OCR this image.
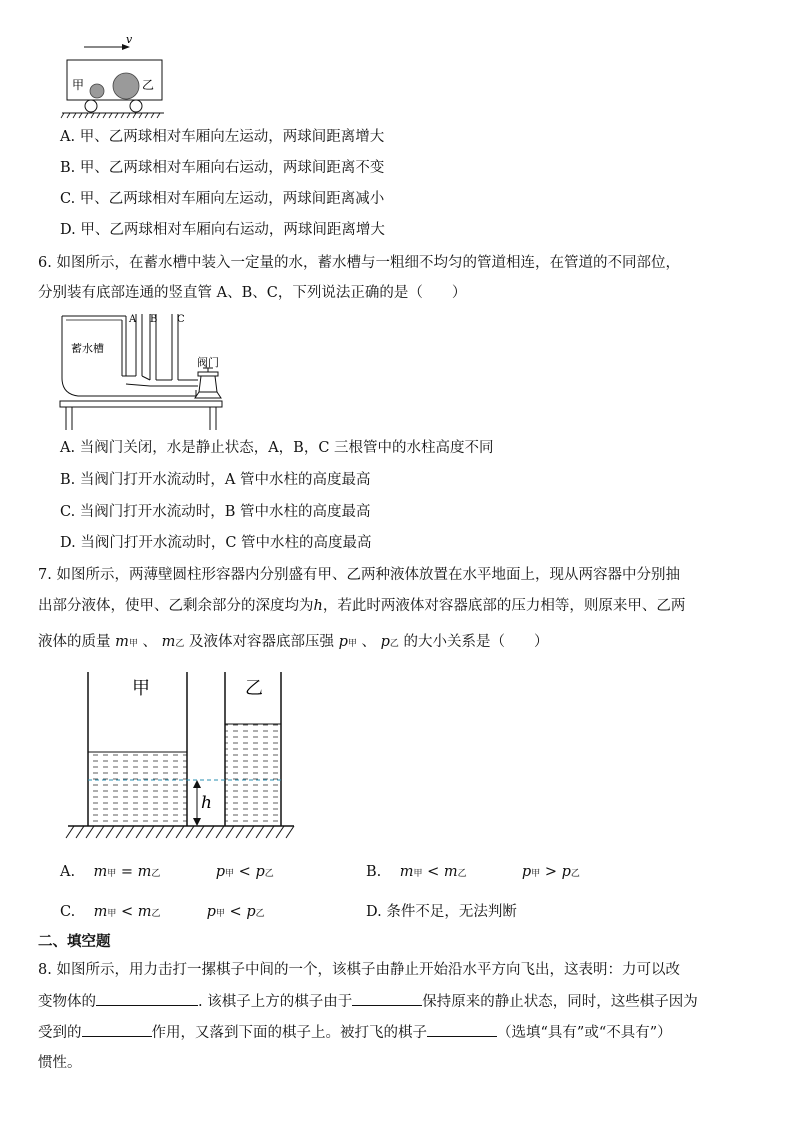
v
甲	乙
A. 甲、乙两球相对车厢向左运动，两球间距离增大
B. 甲、乙两球相对车厢向右运动，两球间距离不变
C. 甲、乙两球相对车厢向左运动，两球间距离减小
D. 甲、乙两球相对车厢向右运动，两球间距离增大
6. 如图所示，在蓄水槽中装入一定量的水，蓄水槽与一粗细不均匀的管道相连，在管道的不同部位，
分别装有底部连通的竖直管 A、B、C，下列说法正确的是（　　）
蓄水槽
A B C
阀门
A. 当阀门关闭，水是静止状态，A，B，C 三根管中的水柱高度不同
B. 当阀门打开水流动时，A 管中水柱的高度最高
C. 当阀门打开水流动时，B 管中水柱的高度最高
D. 当阀门打开水流动时，C 管中水柱的高度最高
7. 如图所示，两薄壁圆柱形容器内分别盛有甲、乙两种液体放置在水平地面上，现从两容器中分别抽
出部分液体，使甲、乙剩余部分的深度均为h，若此时两液体对容器底部的压力相等，则原来甲、乙两
液体的质量 m甲 、 m乙 及液体对容器底部压强 p甲 、 p乙 的大小关系是（　　）
甲	乙
h
A. m甲 = m乙	p甲 < p乙	B. m甲 < m乙	p甲 > p乙
C. m甲 < m乙	p甲 < p乙	D. 条件不足，无法判断
二、填空题
8. 如图所示，用力击打一摞棋子中间的一个，该棋子由静止开始沿水平方向飞出，这表明：力可以改
变物体的	. 该棋子上方的棋子由于	保持原来的静止状态，同时，这些棋子因为
受到的	作用，又落到下面的棋子上。被打飞的棋子	（选填“具有”或“不具有”）
惯性。
